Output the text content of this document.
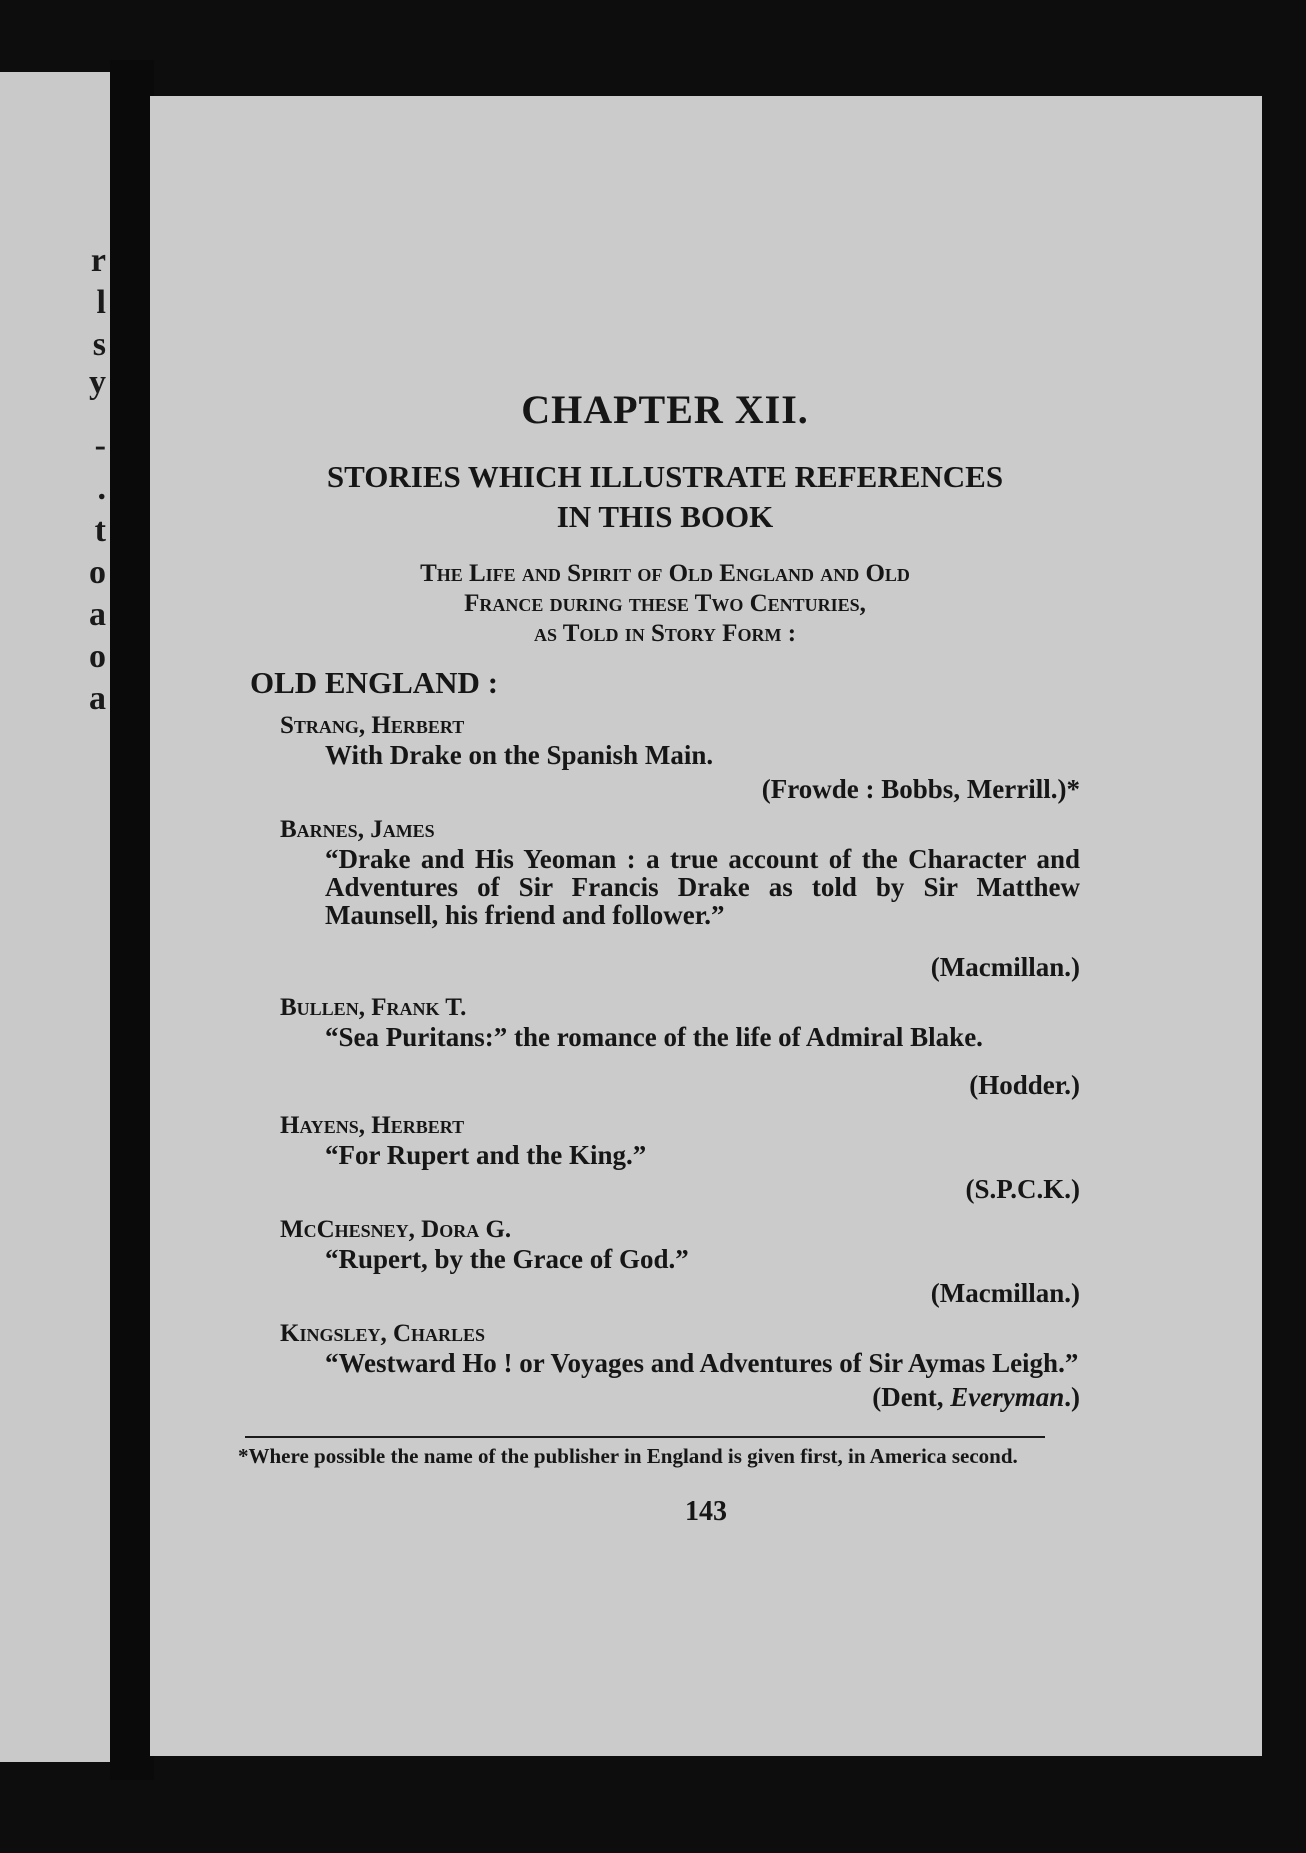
r
l
s
y
-
.
t
o
a
o
a
CHAPTER XII.
STORIES WHICH ILLUSTRATE REFERENCES
IN THIS BOOK
The Life and Spirit of Old England and Old
France during these Two Centuries,
as Told in Story Form :
OLD ENGLAND :
Strang, Herbert
With Drake on the Spanish Main.
(Frowde : Bobbs, Merrill.)*
Barnes, James
“Drake and His Yeoman : a true account of the Character and Adventures of Sir Francis Drake as told by Sir Matthew Maunsell, his friend and follower.”
(Macmillan.)
Bullen, Frank T.
“Sea Puritans:” the romance of the life of Admiral Blake.
(Hodder.)
Hayens, Herbert
“For Rupert and the King.”
(S.P.C.K.)
McChesney, Dora G.
“Rupert, by the Grace of God.”
(Macmillan.)
Kingsley, Charles
“Westward Ho ! or Voyages and Adventures of Sir Aymas Leigh.”
(Dent, Everyman.)
*Where possible the name of the publisher in England is given first, in America second.
143
